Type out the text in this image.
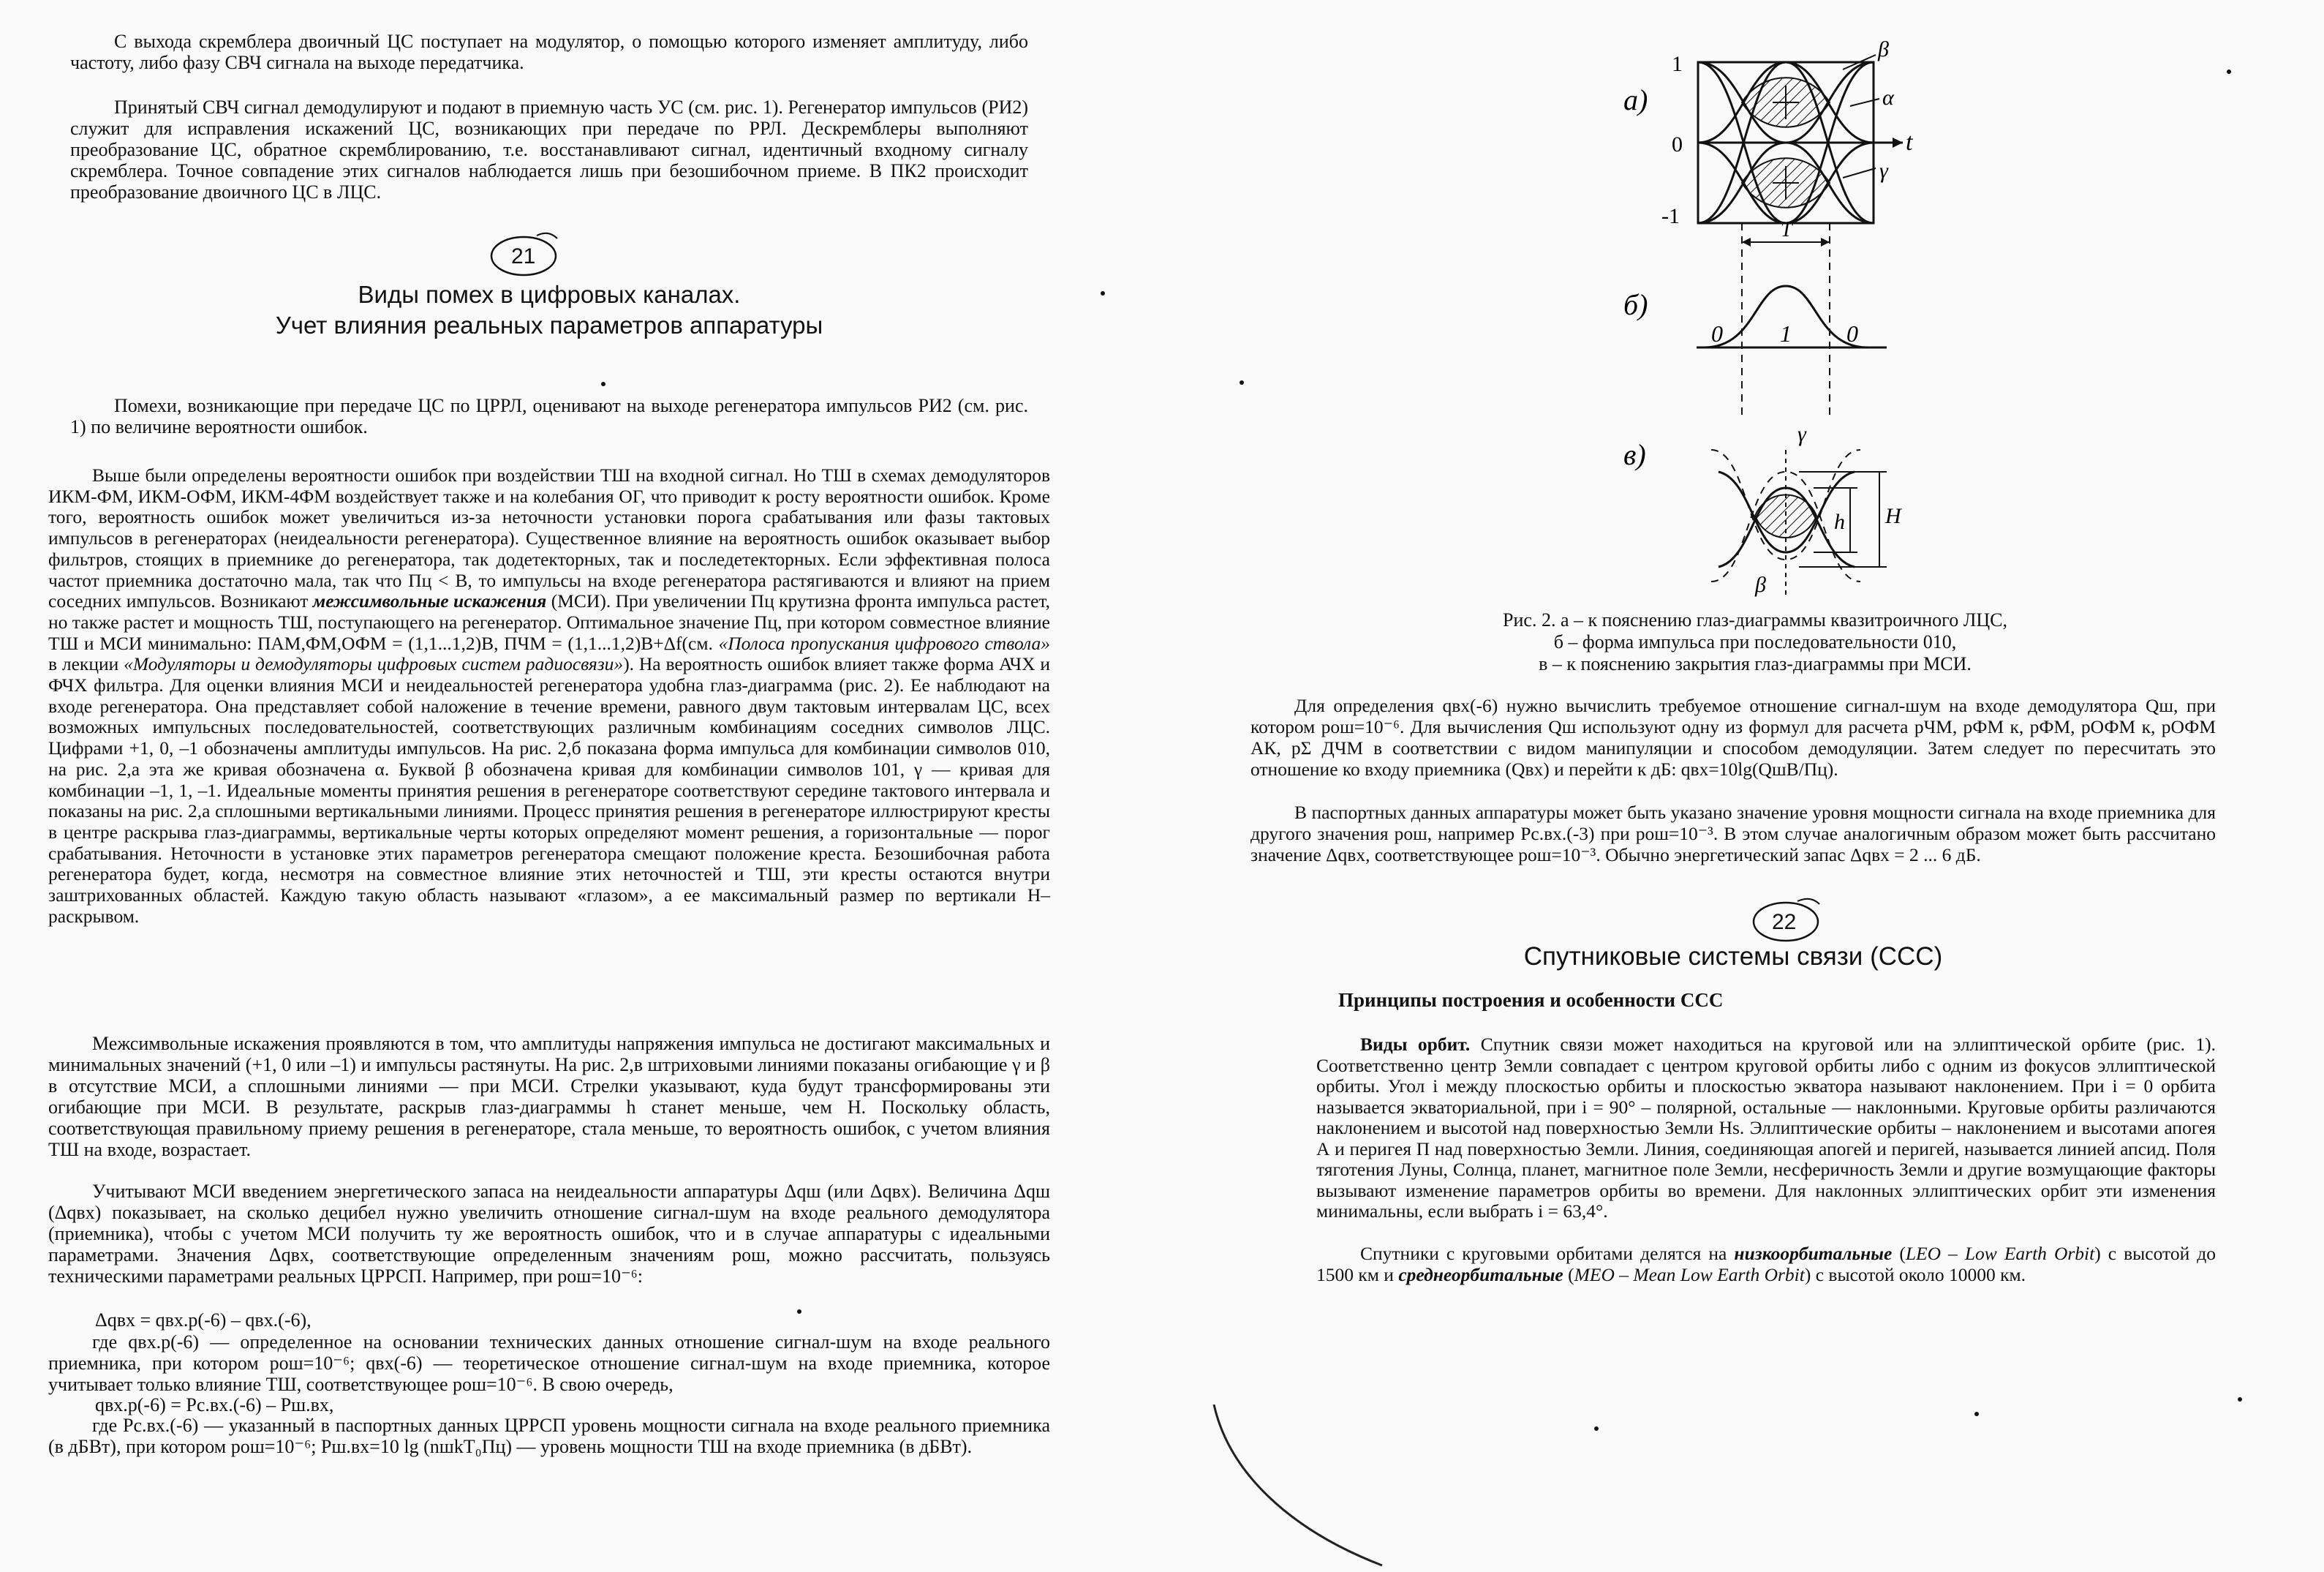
С выхода скремблера двоичный ЦС поступает на модулятор, о помощью которого изменяет амплитуду, либо частоту, либо фазу СВЧ сигнала на выходе передатчика.

Принятый СВЧ сигнал демодулируют и подают в приемную часть УС (см. рис. 1). Регенератор импульсов (РИ2) служит для исправления искажений ЦС, возникающих при передаче по РРЛ. Дескремблеры выполняют преобразование ЦС, обратное скремблированию, т.е. восстанавливают сигнал, идентичный входному сигналу скремблера. Точное совпадение этих сигналов наблюдается лишь при безошибочном приеме. В ПК2 происходит преобразование двоичного ЦС в ЛЦС.

21
Виды помех в цифровых каналах.
Учет влияния реальных параметров аппаратуры

Помехи, возникающие при передаче ЦС по ЦРРЛ, оценивают на выходе регенератора импульсов РИ2 (см. рис. 1) по величине вероятности ошибок.

Выше были определены вероятности ошибок при воздействии ТШ на входной сигнал. Но ТШ в схемах демодуляторов ИКМ-ФМ, ИКМ-ОФМ, ИКМ-4ФМ воздействует также и на колебания ОГ, что приводит к росту вероятности ошибок. Кроме того, вероятность ошибок может увеличиться из-за неточности установки порога срабатывания или фазы тактовых импульсов в регенераторах (неидеальности регенератора). Существенное влияние на вероятность ошибок оказывает выбор фильтров, стоящих в приемнике до регенератора, так додетекторных, так и последетекторных. Если эффективная полоса частот приемника достаточно мала, так что Пц < B, то импульсы на входе регенератора растягиваются и влияют на прием соседних импульсов. Возникают межсимвольные искажения (МСИ). При увеличении Пц крутизна фронта импульса растет, но также растет и мощность ТШ, поступающего на регенератор. Оптимальное значение Пц, при котором совместное влияние ТШ и МСИ минимально: ПАМ,ФМ,ОФМ = (1,1...1,2)В, ПЧМ = (1,1...1,2)В+Δf(см. «Полоса пропускания цифрового ствола» в лекции «Модуляторы и демодуляторы цифровых систем радиосвязи»). На вероятность ошибок влияет также форма АЧХ и ФЧХ фильтра. Для оценки влияния МСИ и неидеальностей регенератора удобна глаз-диаграмма (рис. 2). Ее наблюдают на входе регенератора. Она представляет собой наложение в течение времени, равного двум тактовым интервалам ЦС, всех возможных импульсных последовательностей, соответствующих различным комбинациям соседних символов ЛЦС. Цифрами +1, 0, –1 обозначены амплитуды импульсов. На рис. 2,б показана форма импульса для комбинации символов 010, на рис. 2,а эта же кривая обозначена α. Буквой β обозначена кривая для комбинации символов 101, γ — кривая для комбинации –1, 1, –1. Идеальные моменты принятия решения в регенераторе соответствуют середине тактового интервала и показаны на рис. 2,а сплошными вертикальными линиями. Процесс принятия решения в регенераторе иллюстрируют кресты в центре раскрыва глаз-диаграммы, вертикальные черты которых определяют момент решения, а горизонтальные — порог срабатывания. Неточности в установке этих параметров регенератора смещают положение креста. Безошибочная работа регенератора будет, когда, несмотря на совместное влияние этих неточностей и ТШ, эти кресты остаются внутри заштрихованных областей. Каждую такую область называют «глазом», а ее максимальный размер по вертикали H–раскрывом.

Межсимвольные искажения проявляются в том, что амплитуды напряжения импульса не достигают максимальных и минимальных значений (+1, 0 или –1) и импульсы растянуты. На рис. 2,в штриховыми линиями показаны огибающие γ и β в отсутствие МСИ, а сплошными линиями — при МСИ. Стрелки указывают, куда будут трансформированы эти огибающие при МСИ. В результате, раскрыв глаз-диаграммы h станет меньше, чем H. Поскольку область, соответствующая правильному приему решения в регенераторе, стала меньше, то вероятность ошибок, с учетом влияния ТШ на входе, возрастает.

Учитывают МСИ введением энергетического запаса на неидеальности аппаратуры Δqш (или Δqвх). Величина Δqш (Δqвх) показывает, на сколько децибел нужно увеличить отношение сигнал-шум на входе реального демодулятора (приемника), чтобы с учетом МСИ получить ту же вероятность ошибок, что и в случае аппаратуры с идеальными параметрами. Значения Δqвх, соответствующие определенным значениям pош, можно рассчитать, пользуясь техническими параметрами реальных ЦРРСП. Например, при pош=10⁻⁶:

Δqвх = qвх.р(-6) – qвх.(-6),

где qвх.р(-6) — определенное на основании технических данных отношение сигнал-шум на входе реального приемника, при котором pош=10⁻⁶; qвх(-6) — теоретическое отношение сигнал-шум на входе приемника, которое учитывает только влияние ТШ, соответствующее pош=10⁻⁶. В свою очередь,

qвх.р(-6) = Pс.вх.(-6) – Pш.вх,

где Pс.вх.(-6) — указанный в паспортных данных ЦРРСП уровень мощности сигнала на входе реального приемника (в дБВт), при котором pош=10⁻⁶; Pш.вх=10 lg (nшkT₀Пц) — уровень мощности ТШ на входе приемника (в дБВт).

а)
1
0
-1
t
β
α
γ
T
б)
0 1 0
в)
γ
h H
β
Рис. 2. а – к пояснению глаз-диаграммы квазитроичного ЛЦС,
б – форма импульса при последовательности 010,
в – к пояснению закрытия глаз-диаграммы при МСИ.

Для определения qвх(-6) нужно вычислить требуемое отношение сигнал-шум на входе демодулятора Qш, при котором pош=10⁻⁶. Для вычисления Qш используют одну из формул для расчета pЧМ, pФМ к, pФМ, pОФМ к, pОФМ АК, pΣ ДЧМ в соответствии с видом манипуляции и способом демодуляции. Затем следует по пересчитать это отношение ко входу приемника (Qвх) и перейти к дБ: qвх=10lg(QшB/Пц).

В паспортных данных аппаратуры может быть указано значение уровня мощности сигнала на входе приемника для другого значения pош, например Pс.вх.(-3) при pош=10⁻³. В этом случае аналогичным образом может быть рассчитано значение Δqвх, соответствующее pош=10⁻³. Обычно энергетический запас Δqвх = 2 ... 6 дБ.

22
Спутниковые системы связи (ССС)
Принципы построения и особенности ССС

Виды орбит. Спутник связи может находиться на круговой или на эллиптической орбите (рис. 1). Соответственно центр Земли совпадает с центром круговой орбиты либо с одним из фокусов эллиптической орбиты. Угол i между плоскостью орбиты и плоскостью экватора называют наклонением. При i = 0 орбита называется экваториальной, при i = 90° – полярной, остальные — наклонными. Круговые орбиты различаются наклонением и высотой над поверхностью Земли Hs. Эллиптические орбиты – наклонением и высотами апогея А и перигея П над поверхностью Земли. Линия, соединяющая апогей и перигей, называется линией апсид. Поля тяготения Луны, Солнца, планет, магнитное поле Земли, несферичность Земли и другие возмущающие факторы вызывают изменение параметров орбиты во времени. Для наклонных эллиптических орбит эти изменения минимальны, если выбрать i = 63,4°.

Спутники с круговыми орбитами делятся на низкоорбитальные (LEO – Low Earth Orbit) с высотой до 1500 км и среднеорбитальные (MEO – Mean Low Earth Orbit) с высотой около 10000 км.
